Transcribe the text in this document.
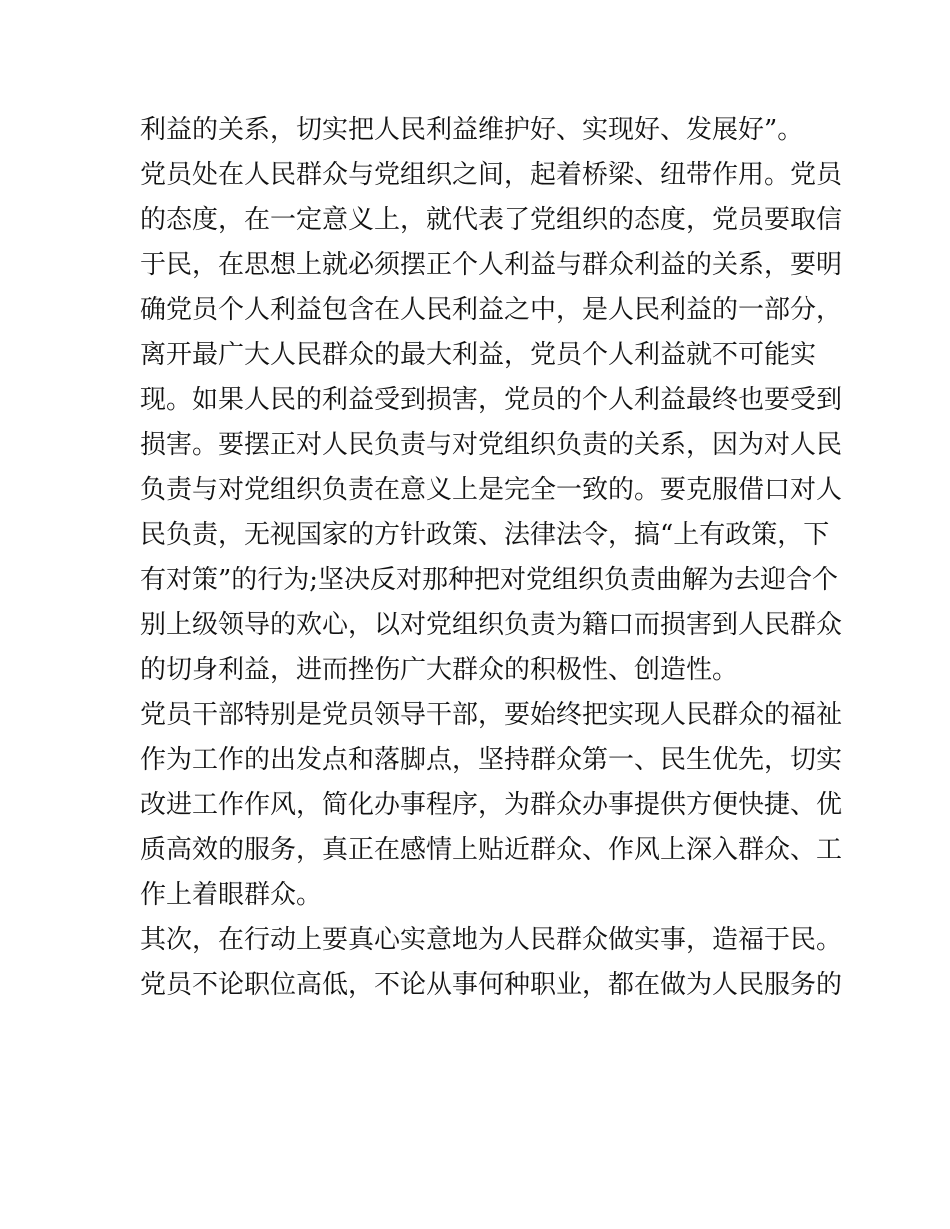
利益的关系，切实把人民利益维护好、实现好、发展好”。

党员处在人民群众与党组织之间，起着桥梁、纽带作用。党员

的态度，在一定意义上，就代表了党组织的态度，党员要取信

于民，在思想上就必须摆正个人利益与群众利益的关系，要明

确党员个人利益包含在人民利益之中，是人民利益的一部分，

离开最广大人民群众的最大利益，党员个人利益就不可能实

现。如果人民的利益受到损害，党员的个人利益最终也要受到

损害。要摆正对人民负责与对党组织负责的关系，因为对人民

负责与对党组织负责在意义上是完全一致的。要克服借口对人

民负责，无视国家的方针政策、法律法令，搞“上有政策，下

有对策”的行为;坚决反对那种把对党组织负责曲解为去迎合个

别上级领导的欢心，以对党组织负责为籍口而损害到人民群众

的切身利益，进而挫伤广大群众的积极性、创造性。

党员干部特别是党员领导干部，要始终把实现人民群众的福祉

作为工作的出发点和落脚点，坚持群众第一、民生优先，切实

改进工作作风，简化办事程序，为群众办事提供方便快捷、优

质高效的服务，真正在感情上贴近群众、作风上深入群众、工

作上着眼群众。

其次，在行动上要真心实意地为人民群众做实事，造福于民。

党员不论职位高低，不论从事何种职业，都在做为人民服务的
